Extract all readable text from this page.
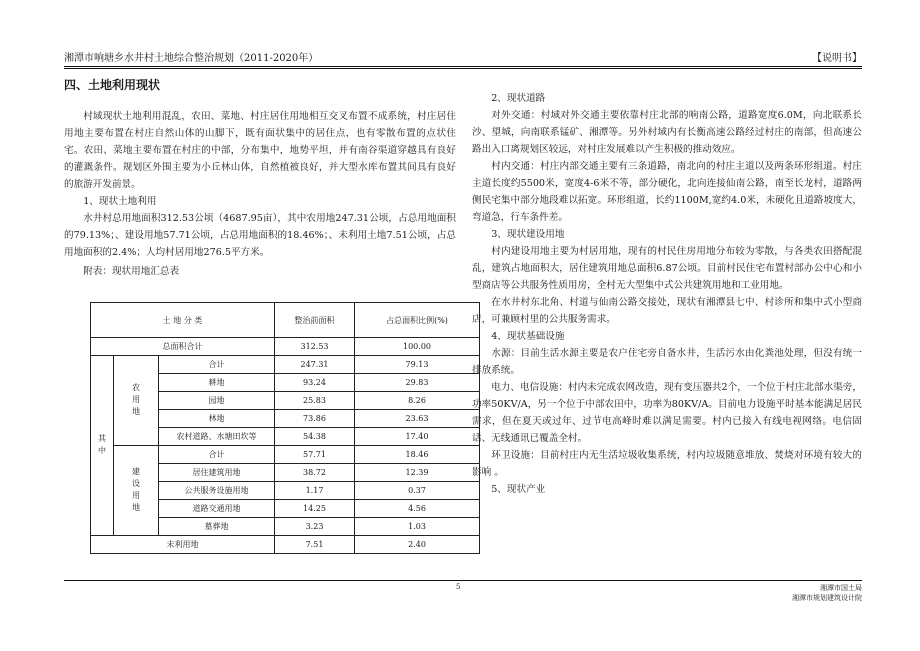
湘潭市响塘乡水井村土地综合整治规划（2011-2020年）	【说明书】
四、土地利用现状

村域现状土地利用混乱，农田、菜地、村庄居住用地相互交叉布置不成系统，村庄居住用地主要布置在村庄自然山体的山脚下，既有面状集中的居住点，也有零散布置的点状住宅。农田、菜地主要布置在村庄的中部，分布集中，地势平坦，并有南谷渠道穿越具有良好的灌溉条件。规划区外围主要为小丘林山体，自然植被良好，并大型水库布置其间具有良好的旅游开发前景。

1、现状土地利用

水井村总用地面积312.53公顷（4687.95亩），其中农用地247.31公顷，占总用地面积的79.13%；、建设用地57.71公顷，占总用地面积的18.46%；、未利用土地7.51公顷，占总用地面积的2.4%；人均村居用地276.5平方米。

附表：现状用地汇总表

土 地 分 类			整治前面积	占总面积比例(%)
总面积合计			312.53	100.00
其中	农用地	合计	247.31	79.13
		耕地	93.24	29.83
		园地	25.83	8.26
		林地	73.86	23.63
		农村道路、水塘田坎等	54.38	17.40
	建设用地	合计	57.71	18.46
		居住建筑用地	38.72	12.39
		公共服务设施用地	1.17	0.37
		道路交通用地	14.25	4.56
		墓葬地	3.23	1.03
未利用地			7.51	2.40

2、现状道路

对外交通：村域对外交通主要依靠村庄北部的响南公路，道路宽度6.0M，向北联系长沙、望城，向南联系锰矿、湘潭等。另外村域内有长衡高速公路经过村庄的南部，但高速公路出入口离规划区较远，对村庄发展难以产生积极的推动效应。

村内交通：村庄内部交通主要有三条道路，南北向的村庄主道以及两条环形组道。村庄主道长度约5500米，宽度4-6米不等，部分硬化，北向连接仙南公路，南至长龙村，道路两侧民宅集中部分地段难以拓宽。环形组道，长约1100M,宽约4.0米，未硬化且道路坡度大，弯道急，行车条件差。

3、现状建设用地

村内建设用地主要为村居用地，现有的村民住房用地分布较为零散，与各类农田搭配混乱，建筑占地面积大，居住建筑用地总面积6.87公顷。目前村民住宅布置村部办公中心和小型商店等公共服务性质用房，全村无大型集中式公共建筑用地和工业用地。

在水井村东北角、村道与仙南公路交接处，现状有湘潭县七中、村诊所和集中式小型商店，可兼顾村里的公共服务需求。

4、现状基础设施

水源：目前生活水源主要是农户住宅旁自备水井，生活污水由化粪池处理，但没有统一排放系统。

电力、电信设施：村内未完成农网改造，现有变压器共2个，一个位于村庄北部水渠旁，功率50KV/A，另一个位于中部农田中，功率为80KV/A。目前电力设施平时基本能满足居民需求，但在夏天或过年、过节电高峰时难以满足需要。村内已接入有线电视网络。电信固话、无线通讯已覆盖全村。

环卫设施：目前村庄内无生活垃圾收集系统，村内垃圾随意堆放、焚烧对环境有较大的影响 。

5、现状产业

5	湘潭市国土局
湘潭市规划建筑设计院
